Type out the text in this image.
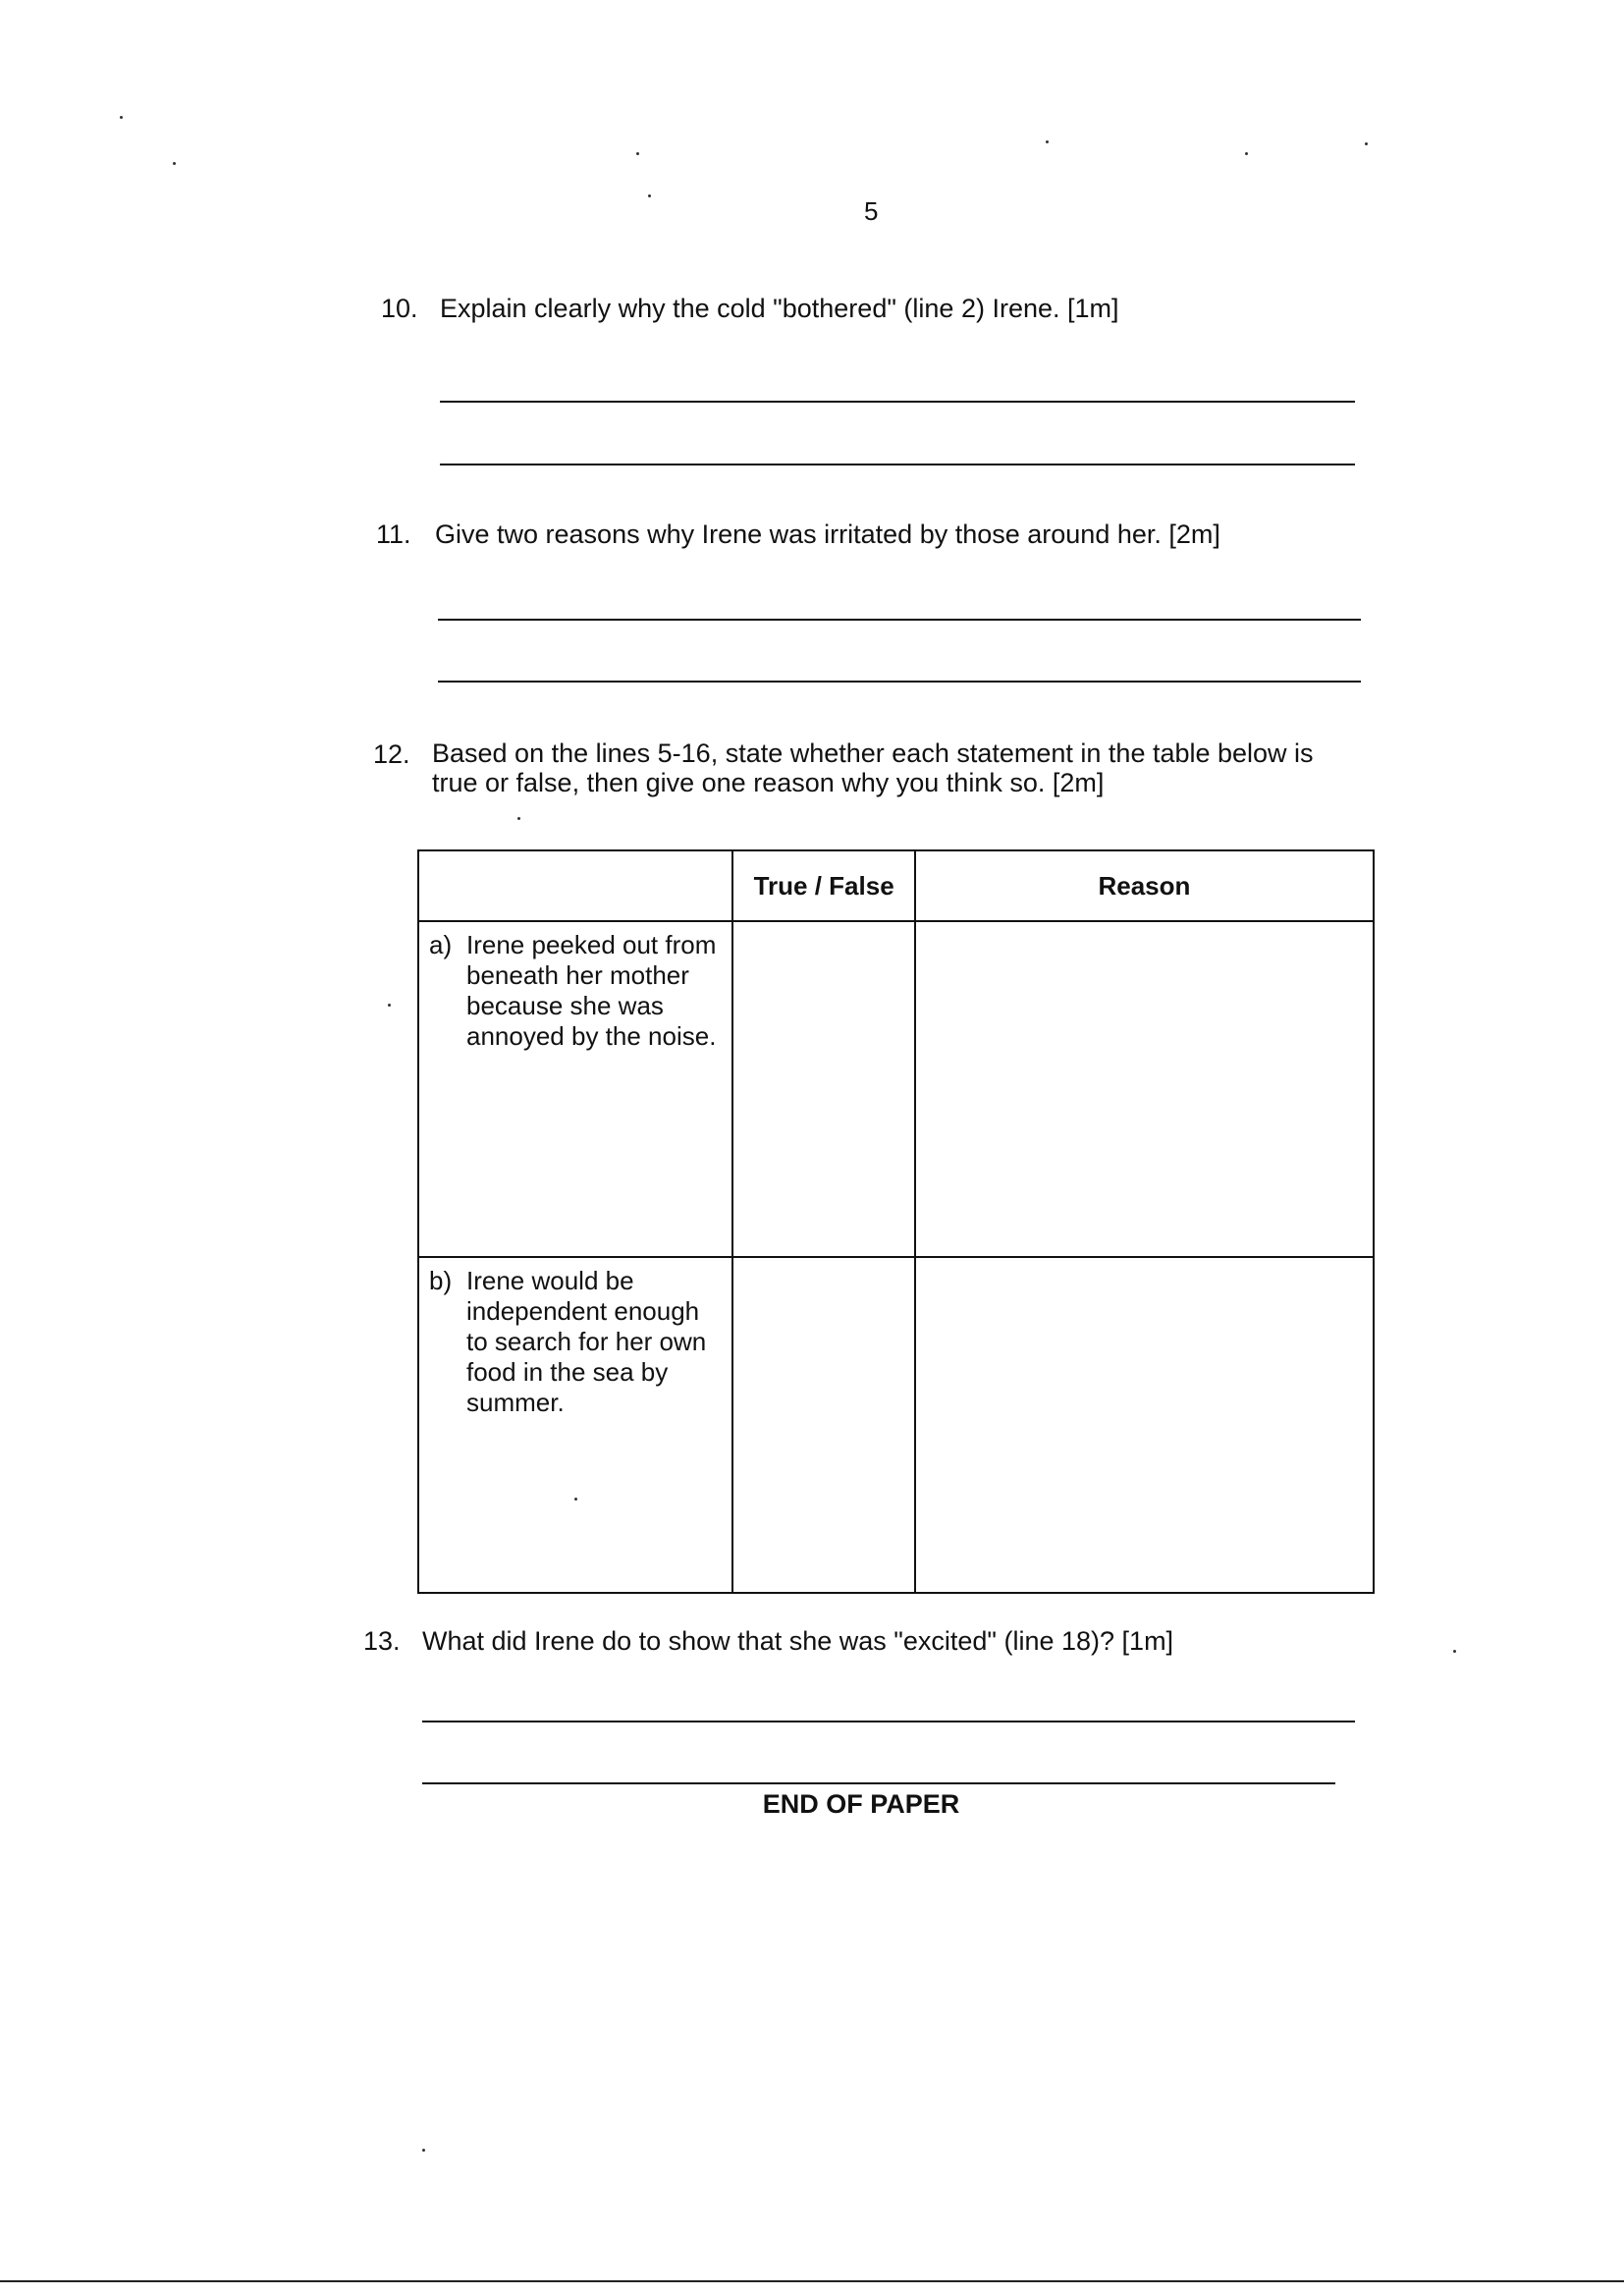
5
10. Explain clearly why the cold "bothered" (line 2) Irene. [1m]
11. Give two reasons why Irene was irritated by those around her. [2m]
12. Based on the lines 5-16, state whether each statement in the table below is true or false, then give one reason why you think so. [2m]
	True / False	Reason

a) Irene peeked out from beneath her mother because she was annoyed by the noise.		

b) Irene would be independent enough to search for her own food in the sea by summer.		

13. What did Irene do to show that she was "excited" (line 18)? [1m]
END OF PAPER
